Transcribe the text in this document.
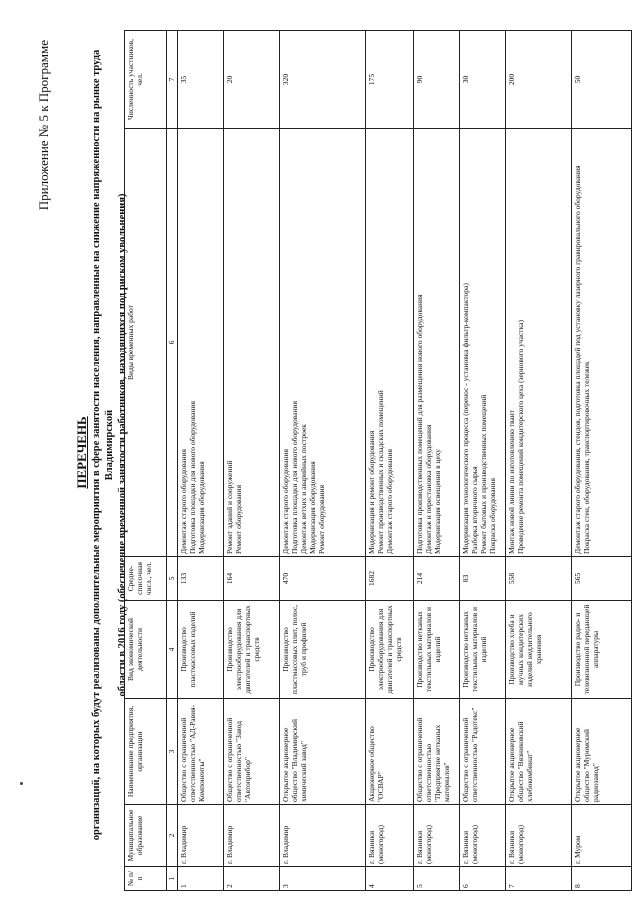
Приложение № 5 к Программе
ПЕРЕЧЕНЬ организаций, на которых будут реализованы дополнительные мероприятия в сфере занятости населения, направленные на снижение напряженности на рынке труда Владимирской области в 2016 году (обеспечение временной занятости работников, находящихся под риском увольнения)
№ п/п	Муниципальное образование	Наименование предприятия, организации	Вид экономической деятельности	Средне-списочная числ., чел.	Виды временных работ	Численность участников, чел.
1	2	3	4	5	6	7
1	г. Владимир	Общество с ограниченной ответственностью "АД-Равия-Компоненты"	Производство пластмассовых изделий	133	Демонтаж старого оборудования Подготовка площадки для нового оборудования Модернизация оборудования	35
2	г. Владимир	Общество с ограниченной ответственностью "Завод "Автоприбор"	Производство электрооборудования для двигателей и транспортных средств	164	Ремонт зданий и сооружений Ремонт оборудования	20
3	г. Владимир	Открытое акционерное общество "Владимирский химический завод"	Производство пластмассовых плит, полос, труб и профилей	470	Демонтаж старого оборудования Подготовка площадки для нового оборудования Демонтаж ветхих и аварийных построек Модернизация оборудования Ремонт оборудования	320
4	г. Вязники (моногород)	Акционерное общество "ОСВАР"	Производство электрооборудования для двигателей и транспортных средств	1682	Модернизация и ремонт оборудования Ремонт производственных и складских помещений Демонтаж старого оборудования	175
5	г. Вязники (моногород)	Общество с ограниченной ответственностью "Предприятие нетканых материалов"	Производство нетканых текстильных материалов и изделий	214	Подготовка производственных помещений для размещения нового оборудования Демонтаж и перестановка оборудования Модернизация освещения в цеху	90
6	г. Вязники (моногород)	Общество с ограниченной ответственностью "Радотекс"	Производство нетканых текстильных материалов и изделий	83	Модернизация технологического процесса (перенос - установка фильтр-компактора) Разборка вторичного сырья Ремонт бытовых и производственных помещений Покраска оборудования	30
7	г. Вязники (моногород)	Открытое акционерное общество "Вязниковский хлебокомбинат"	Производство хлеба и мучных кондитерских изделий недлительного хранения	558	Монтаж новой линии по изготовлению тваит Проведение ремонта помещений кондитерского цеха (зернового участка)	200
8	г. Муром	Открытое акционерное общество "Муромский радиозавод"	Производство радио- и телевизионной передающей аппаратуры	565	Демонтаж старого оборудования, стендов, подготовка площадей под установку лазерного гравировального оборудования Покраска стен, оборудования, транспортировочных тележек	50
